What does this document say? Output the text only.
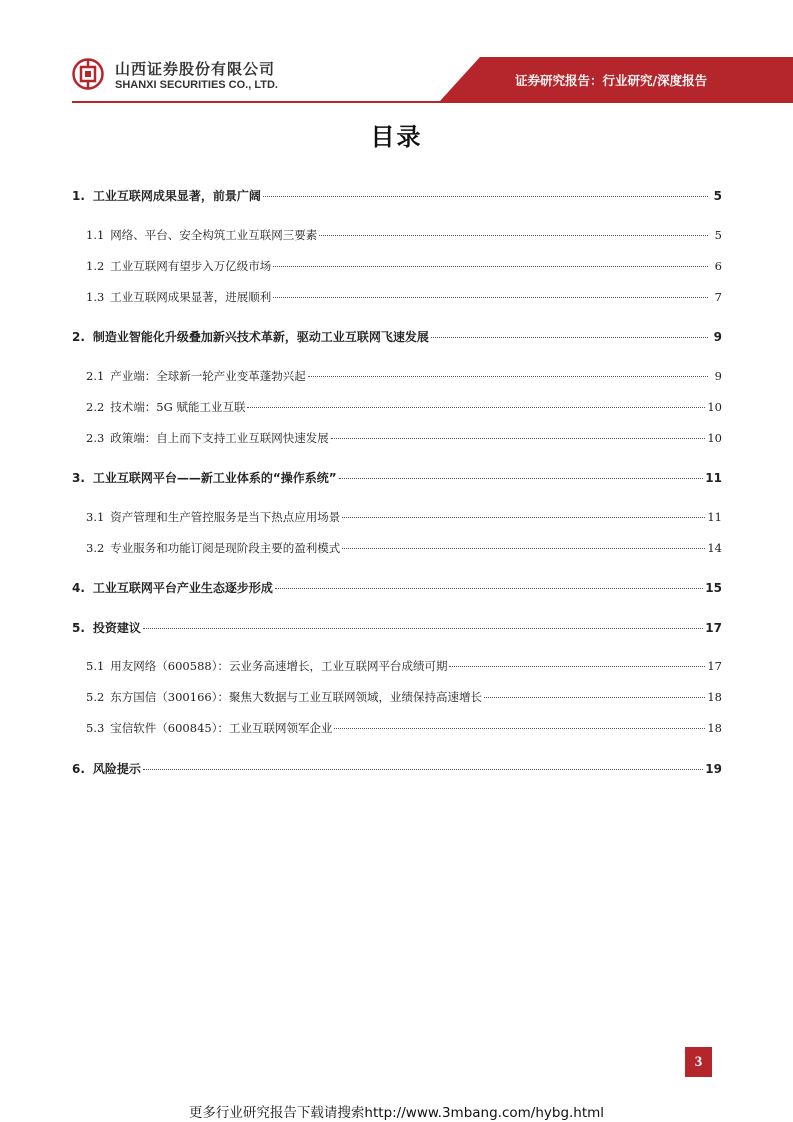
山西证券股份有限公司
SHANXI SECURITIES CO., LTD.	证券研究报告：行业研究/深度报告
目录
1. 工业互联网成果显著，前景广阔	5
1.1 网络、平台、安全构筑工业互联网三要素	5
1.2 工业互联网有望步入万亿级市场	6
1.3 工业互联网成果显著，进展顺利	7
2. 制造业智能化升级叠加新兴技术革新，驱动工业互联网飞速发展	9
2.1 产业端：全球新一轮产业变革蓬勃兴起	9
2.2 技术端：5G 赋能工业互联	10
2.3 政策端：自上而下支持工业互联网快速发展	10
3. 工业互联网平台——新工业体系的“操作系统”	11
3.1 资产管理和生产管控服务是当下热点应用场景	11
3.2 专业服务和功能订阅是现阶段主要的盈利模式	14
4. 工业互联网平台产业生态逐步形成	15
5. 投资建议	17
5.1 用友网络（600588）：云业务高速增长，工业互联网平台成绩可期	17
5.2 东方国信（300166）：聚焦大数据与工业互联网领域，业绩保持高速增长	18
5.3 宝信软件（600845）：工业互联网领军企业	18
6. 风险提示	19
3
更多行业研究报告下载请搜索http://www.3mbang.com/hybg.html
